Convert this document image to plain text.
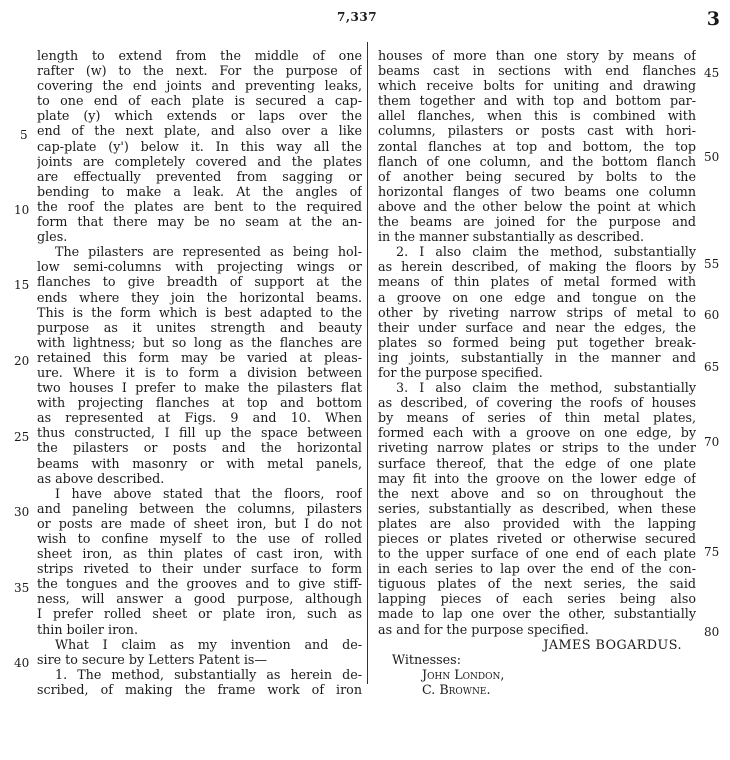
7,337	3
length to extend from the middle of one
rafter (w) to the next. For the purpose of
covering the end joints and preventing leaks,
to one end of each plate is secured a cap-
plate (y) which extends or laps over the
end of the next plate, and also over a like
cap-plate (y') below it. In this way all the
joints are completely covered and the plates
are effectually prevented from sagging or
bending to make a leak. At the angles of
the roof the plates are bent to the required
form that there may be no seam at the an-
gles.
The pilasters are represented as being hol-
low semi-columns with projecting wings or
flanches to give breadth of support at the
ends where they join the horizontal beams.
This is the form which is best adapted to the
purpose as it unites strength and beauty
with lightness; but so long as the flanches are
retained this form may be varied at pleas-
ure. Where it is to form a division between
two houses I prefer to make the pilasters flat
with projecting flanches at top and bottom
as represented at Figs. 9 and 10. When
thus constructed, I fill up the space between
the pilasters or posts and the horizontal
beams with masonry or with metal panels,
as above described.
I have above stated that the floors, roof
and paneling between the columns, pilasters
or posts are made of sheet iron, but I do not
wish to confine myself to the use of rolled
sheet iron, as thin plates of cast iron, with
strips riveted to their under surface to form
the tongues and the grooves and to give stiff-
ness, will answer a good purpose, although
I prefer rolled sheet or plate iron, such as
thin boiler iron.
What I claim as my invention and de-
sire to secure by Letters Patent is—
1. The method, substantially as herein de-
scribed, of making the frame work of iron
houses of more than one story by means of
beams cast in sections with end flanches
which receive bolts for uniting and drawing
them together and with top and bottom par-
allel flanches, when this is combined with
columns, pilasters or posts cast with hori-
zontal flanches at top and bottom, the top
flanch of one column, and the bottom flanch
of another being secured by bolts to the
horizontal flanges of two beams one column
above and the other below the point at which
the beams are joined for the purpose and
in the manner substantially as described.
2. I also claim the method, substantially
as herein described, of making the floors by
means of thin plates of metal formed with
a groove on one edge and tongue on the
other by riveting narrow strips of metal to
their under surface and near the edges, the
plates so formed being put together break-
ing joints, substantially in the manner and
for the purpose specified.
3. I also claim the method, substantially
as described, of covering the roofs of houses
by means of series of thin metal plates,
formed each with a groove on one edge, by
riveting narrow plates or strips to the under
surface thereof, that the edge of one plate
may fit into the groove on the lower edge of
the next above and so on throughout the
series, substantially as described, when these
plates are also provided with the lapping
pieces or plates riveted or otherwise secured
to the upper surface of one end of each plate
in each series to lap over the end of the con-
tiguous plates of the next series, the said
lapping pieces of each series being also
made to lap one over the other, substantially
as and for the purpose specified.
JAMES BOGARDUS.
Witnesses:
John London,
C. Browne.
5
10
15
20
25
30
35
40
45
50
55
60
65
70
75
80
